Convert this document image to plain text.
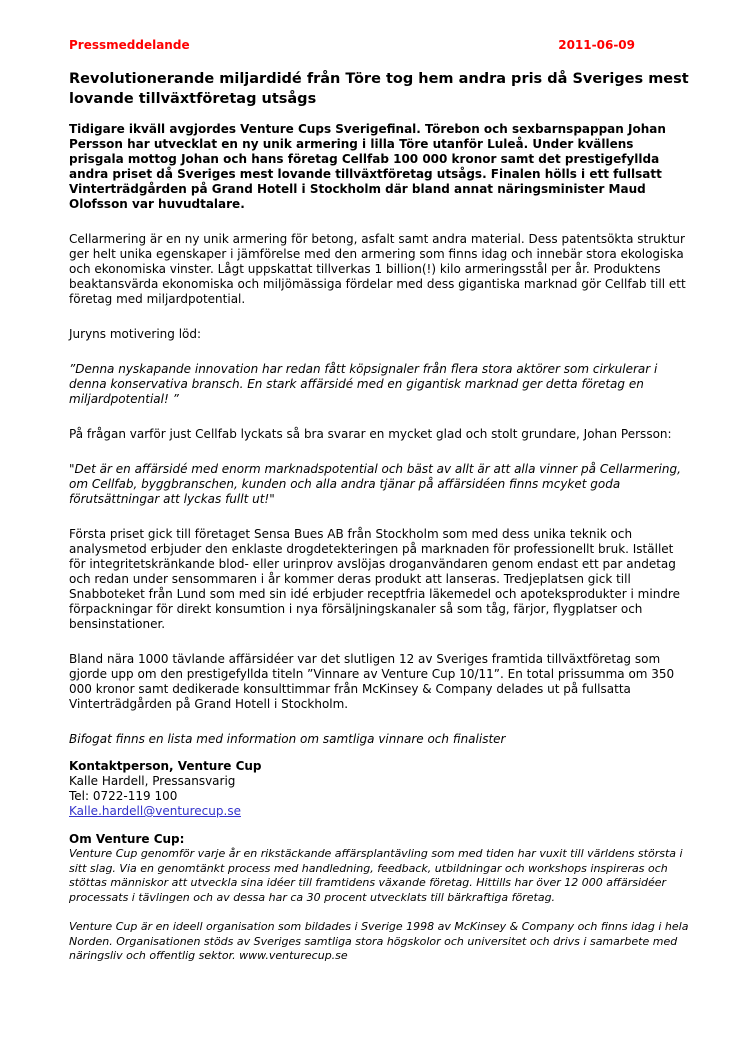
Pressmeddelande	2011-06-09
Revolutionerande miljardidé från Töre tog hem andra pris då Sveriges mest lovande tillväxtföretag utsågs

Tidigare ikväll avgjordes Venture Cups Sverigefinal. Törebon och sexbarnspappan Johan Persson har utvecklat en ny unik armering i lilla Töre utanför Luleå. Under kvällens prisgala mottog Johan och hans företag Cellfab 100 000 kronor samt det prestigefyllda andra priset då Sveriges mest lovande tillväxtföretag utsågs. Finalen hölls i ett fullsatt Vinterträdgården på Grand Hotell i Stockholm där bland annat näringsminister Maud Olofsson var huvudtalare.

Cellarmering är en ny unik armering för betong, asfalt samt andra material. Dess patentsökta struktur ger helt unika egenskaper i jämförelse med den armering som finns idag och innebär stora ekologiska och ekonomiska vinster. Lågt uppskattat tillverkas 1 billion(!) kilo armeringsstål per år. Produktens beaktansvärda ekonomiska och miljömässiga fördelar med dess gigantiska marknad gör Cellfab till ett företag med miljardpotential.

Juryns motivering löd:

”Denna nyskapande innovation har redan fått köpsignaler från flera stora aktörer som cirkulerar i denna konservativa bransch. En stark affärsidé med en gigantisk marknad ger detta företag en miljardpotential! ”

På frågan varför just Cellfab lyckats så bra svarar en mycket glad och stolt grundare, Johan Persson:

"Det är en affärsidé med enorm marknadspotential och bäst av allt är att alla vinner på Cellarmering, om Cellfab, byggbranschen, kunden och alla andra tjänar på affärsidéen finns mcyket goda förutsättningar att lyckas fullt ut!"

Första priset gick till företaget Sensa Bues AB från Stockholm som med dess unika teknik och analysmetod erbjuder den enklaste drogdetekteringen på marknaden för professionellt bruk. Istället för integritetskränkande blod- eller urinprov avslöjas droganvändaren genom endast ett par andetag och redan under sensommaren i år kommer deras produkt att lanseras. Tredjeplatsen gick till Snabboteket från Lund som med sin idé erbjuder receptfria läkemedel och apoteksprodukter i mindre förpackningar för direkt konsumtion i nya försäljningskanaler så som tåg, färjor, flygplatser och bensinstationer.

Bland nära 1000 tävlande affärsidéer var det slutligen 12 av Sveriges framtida tillväxtföretag som gjorde upp om den prestigefyllda titeln ”Vinnare av Venture Cup 10/11”. En total prissumma om 350 000 kronor samt dedikerade konsulttimmar från McKinsey & Company delades ut på fullsatta Vinterträdgården på Grand Hotell i Stockholm.

Bifogat finns en lista med information om samtliga vinnare och finalister

Kontaktperson, Venture Cup

Kalle Hardell, Pressansvarig

Tel: 0722-119 100

Kalle.hardell@venturecup.se

Om Venture Cup:

Venture Cup genomför varje år en rikstäckande affärsplantävling som med tiden har vuxit till världens största i sitt slag. Via en genomtänkt process med handledning, feedback, utbildningar och workshops inspireras och stöttas människor att utveckla sina idéer till framtidens växande företag. Hittills har över 12 000 affärsidéer processats i tävlingen och av dessa har ca 30 procent utvecklats till bärkraftiga företag.

Venture Cup är en ideell organisation som bildades i Sverige 1998 av McKinsey & Company och finns idag i hela Norden. Organisationen stöds av Sveriges samtliga stora högskolor och universitet och drivs i samarbete med näringsliv och offentlig sektor. www.venturecup.se
